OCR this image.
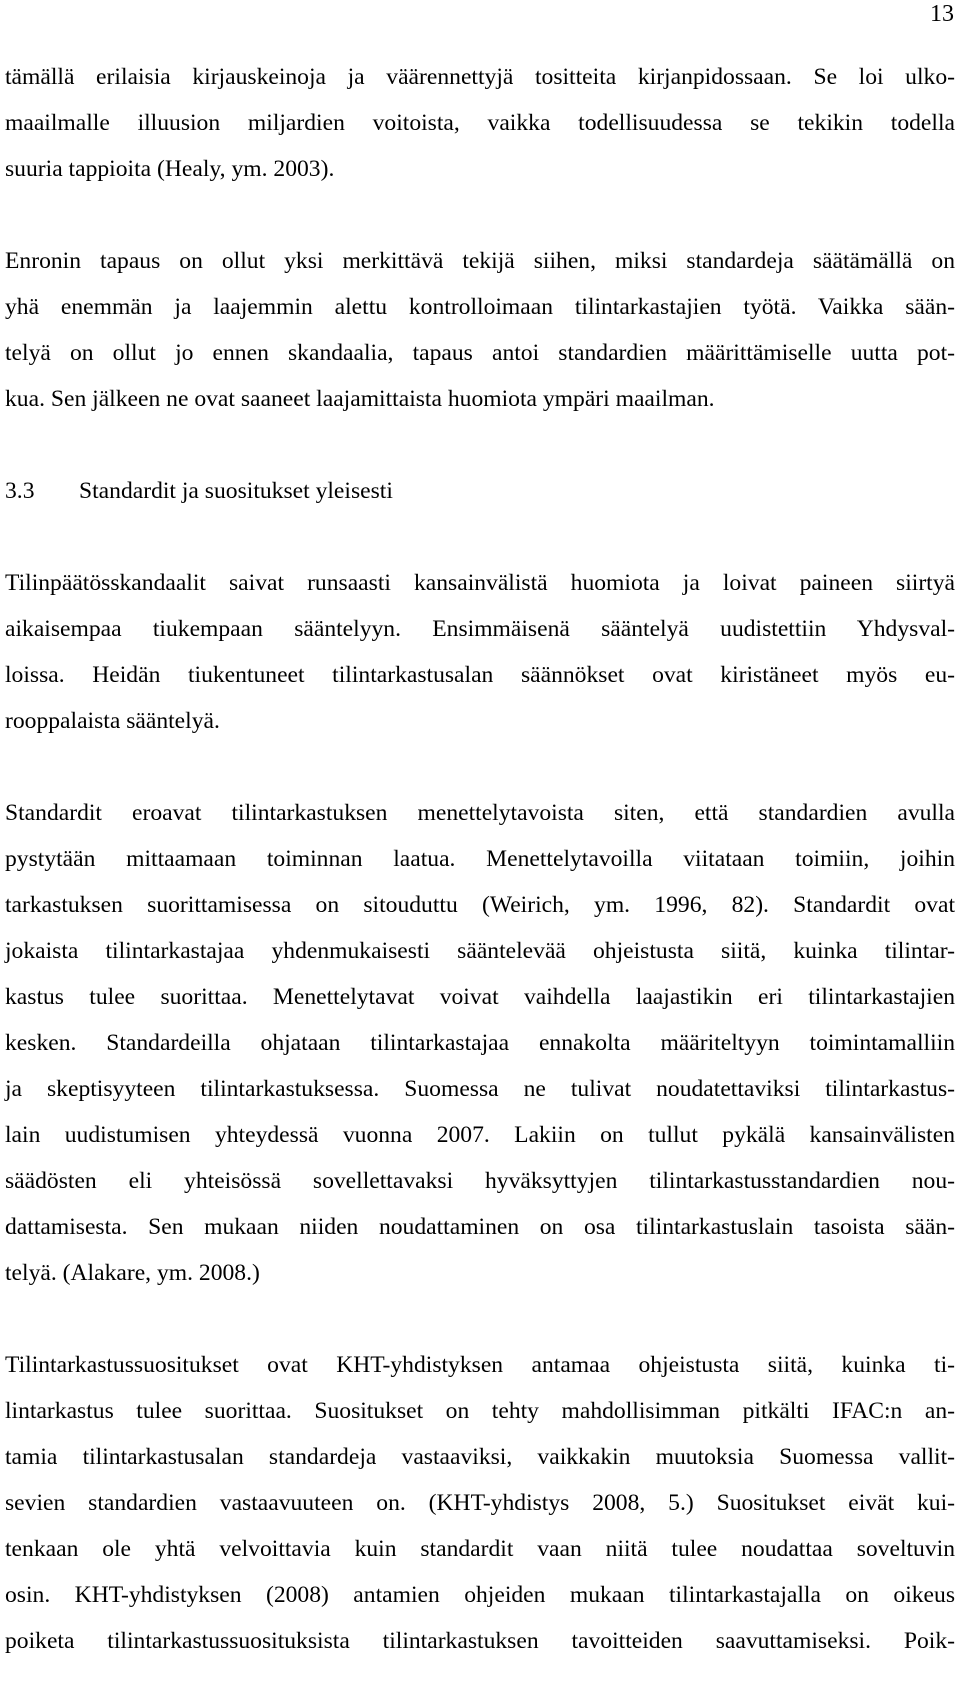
13
tämällä erilaisia kirjauskeinoja ja väärennettyjä tositteita kirjanpidossaan. Se loi ulko-
maailmalle illuusion miljardien voitoista, vaikka todellisuudessa se tekikin todella
suuria tappioita (Healy, ym. 2003).
Enronin tapaus on ollut yksi merkittävä tekijä siihen, miksi standardeja säätämällä on
yhä enemmän ja laajemmin alettu kontrolloimaan tilintarkastajien työtä. Vaikka sään-
telyä on ollut jo ennen skandaalia, tapaus antoi standardien määrittämiselle uutta pot-
kua. Sen jälkeen ne ovat saaneet laajamittaista huomiota ympäri maailman.
3.3	Standardit ja suositukset yleisesti
Tilinpäätösskandaalit saivat runsaasti kansainvälistä huomiota ja loivat paineen siirtyä
aikaisempaa tiukempaan sääntelyyn. Ensimmäisenä sääntelyä uudistettiin Yhdysval-
loissa. Heidän tiukentuneet tilintarkastusalan säännökset ovat kiristäneet myös eu-
rooppalaista sääntelyä.
Standardit eroavat tilintarkastuksen menettelytavoista siten, että standardien avulla
pystytään mittaamaan toiminnan laatua. Menettelytavoilla viitataan toimiin, joihin
tarkastuksen suorittamisessa on sitouduttu (Weirich, ym. 1996, 82). Standardit ovat
jokaista tilintarkastajaa yhdenmukaisesti sääntelevää ohjeistusta siitä, kuinka tilintar-
kastus tulee suorittaa. Menettelytavat voivat vaihdella laajastikin eri tilintarkastajien
kesken. Standardeilla ohjataan tilintarkastajaa ennakolta määriteltyyn toimintamalliin
ja skeptisyyteen tilintarkastuksessa. Suomessa ne tulivat noudatettaviksi tilintarkastus-
lain uudistumisen yhteydessä vuonna 2007. Lakiin on tullut pykälä kansainvälisten
säädösten eli yhteisössä sovellettavaksi hyväksyttyjen tilintarkastusstandardien nou-
dattamisesta. Sen mukaan niiden noudattaminen on osa tilintarkastuslain tasoista sään-
telyä. (Alakare, ym. 2008.)
Tilintarkastussuositukset ovat KHT-yhdistyksen antamaa ohjeistusta siitä, kuinka ti-
lintarkastus tulee suorittaa. Suositukset on tehty mahdollisimman pitkälti IFAC:n an-
tamia tilintarkastusalan standardeja vastaaviksi, vaikkakin muutoksia Suomessa vallit-
sevien standardien vastaavuuteen on. (KHT-yhdistys 2008, 5.) Suositukset eivät kui-
tenkaan ole yhtä velvoittavia kuin standardit vaan niitä tulee noudattaa soveltuvin
osin. KHT-yhdistyksen (2008) antamien ohjeiden mukaan tilintarkastajalla on oikeus
poiketa tilintarkastussuosituksista tilintarkastuksen tavoitteiden saavuttamiseksi. Poik-
